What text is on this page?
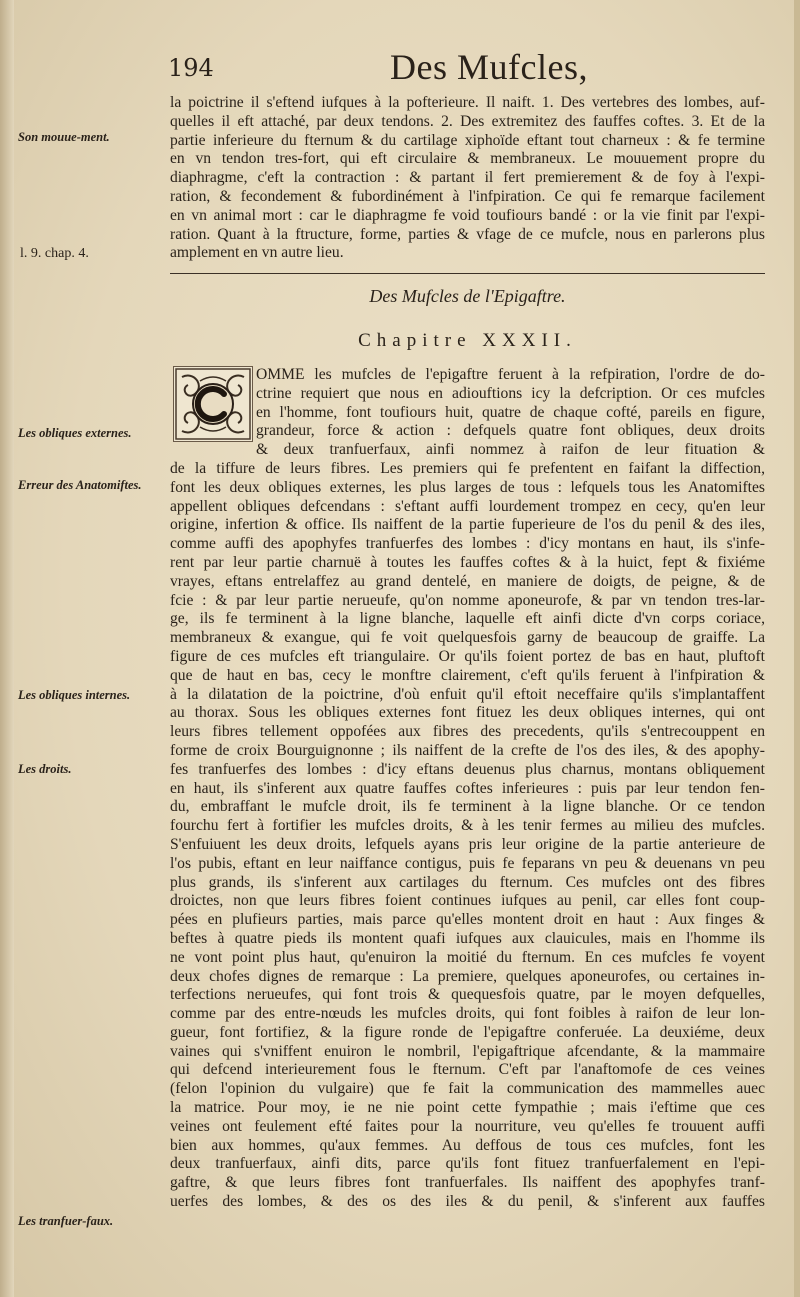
194	Des Mufcles,
Son mouue-ment.
l. 9. chap. 4.
Les obliques externes.
Erreur des Anatomiftes.
Les obliques internes.
Les droits.
Les tranfuer-faux.
la poictrine il s'eftend iufques à la pofterieure. Il naift. 1. Des vertebres des lombes, auf-
quelles il eft attaché, par deux tendons. 2. Des extremitez des fauffes coftes. 3. Et de la
partie inferieure du fternum & du cartilage xiphoïde eftant tout charneux : & fe termine
en vn tendon tres-fort, qui eft circulaire & membraneux. Le mouuement propre du
diaphragme, c'eft la contraction : & partant il fert premierement & de foy à l'expi-
ration, & fecondement & fubordinément à l'infpiration. Ce qui fe remarque facilement
en vn animal mort : car le diaphragme fe void toufiours bandé : or la vie finit par l'expi-
ration. Quant à la ftructure, forme, parties & vfage de ce mufcle, nous en parlerons plus
amplement en vn autre lieu.
Des Mufcles de l'Epigaftre.
Chapitre XXXII.
OMME les mufcles de l'epigaftre feruent à la refpiration, l'ordre de do-
ctrine requiert que nous en adiouftions icy la defcription. Or ces mufcles
en l'homme, font toufiours huit, quatre de chaque cofté, pareils en figure,
grandeur, force & action : defquels quatre font obliques, deux droits
& deux tranfuerfaux, ainfi nommez à raifon de leur fituation &
de la tiffure de leurs fibres. Les premiers qui fe prefentent en faifant la diffection,
font les deux obliques externes, les plus larges de tous : lefquels tous les Anatomiftes
appellent obliques defcendans : s'eftant auffi lourdement trompez en cecy, qu'en leur
origine, infertion & office. Ils naiffent de la partie fuperieure de l'os du penil & des iles,
comme auffi des apophyfes tranfuerfes des lombes : d'icy montans en haut, ils s'infe-
rent par leur partie charnuë à toutes les fauffes coftes & à la huict, fept & fixiéme
vrayes, eftans entrelaffez au grand dentelé, en maniere de doigts, de peigne, & de
fcie : & par leur partie nerueufe, qu'on nomme aponeurofe, & par vn tendon tres-lar-
ge, ils fe terminent à la ligne blanche, laquelle eft ainfi dicte d'vn corps coriace,
membraneux & exangue, qui fe voit quelquesfois garny de beaucoup de graiffe. La
figure de ces mufcles eft triangulaire. Or qu'ils foient portez de bas en haut, pluftoft
que de haut en bas, cecy le monftre clairement, c'eft qu'ils feruent à l'infpiration &
à la dilatation de la poictrine, d'où enfuit qu'il eftoit neceffaire qu'ils s'implantaffent
au thorax. Sous les obliques externes font fituez les deux obliques internes, qui ont
leurs fibres tellement oppofées aux fibres des precedents, qu'ils s'entrecouppent en
forme de croix Bourguignonne ; ils naiffent de la crefte de l'os des iles, & des apophy-
fes tranfuerfes des lombes : d'icy eftans deuenus plus charnus, montans obliquement
en haut, ils s'inferent aux quatre fauffes coftes inferieures : puis par leur tendon fen-
du, embraffant le mufcle droit, ils fe terminent à la ligne blanche. Or ce tendon
fourchu fert à fortifier les mufcles droits, & à les tenir fermes au milieu des mufcles.
S'enfuiuent les deux droits, lefquels ayans pris leur origine de la partie anterieure de
l'os pubis, eftant en leur naiffance contigus, puis fe feparans vn peu & deuenans vn peu
plus grands, ils s'inferent aux cartilages du fternum. Ces mufcles ont des fibres
droictes, non que leurs fibres foient continues iufques au penil, car elles font coup-
pées en plufieurs parties, mais parce qu'elles montent droit en haut : Aux finges &
beftes à quatre pieds ils montent quafi iufques aux clauicules, mais en l'homme ils
ne vont point plus haut, qu'enuiron la moitié du fternum. En ces mufcles fe voyent
deux chofes dignes de remarque : La premiere, quelques aponeurofes, ou certaines in-
terfections nerueufes, qui font trois & quequesfois quatre, par le moyen defquelles,
comme par des entre-nœuds les mufcles droits, qui font foibles à raifon de leur lon-
gueur, font fortifiez, & la figure ronde de l'epigaftre conferuée. La deuxiéme, deux
vaines qui s'vniffent enuiron le nombril, l'epigaftrique afcendante, & la mammaire
qui defcend interieurement fous le fternum. C'eft par l'anaftomofe de ces veines
(felon l'opinion du vulgaire) que fe fait la communication des mammelles auec
la matrice. Pour moy, ie ne nie point cette fympathie ; mais i'eftime que ces
veines ont feulement efté faites pour la nourriture, veu qu'elles fe trouuent auffi
bien aux hommes, qu'aux femmes. Au deffous de tous ces mufcles, font les
deux tranfuerfaux, ainfi dits, parce qu'ils font fituez tranfuerfalement en l'epi-
gaftre, & que leurs fibres font tranfuerfales. Ils naiffent des apophyfes tranf-
uerfes des lombes, & des os des iles & du penil, & s'inferent aux fauffes
